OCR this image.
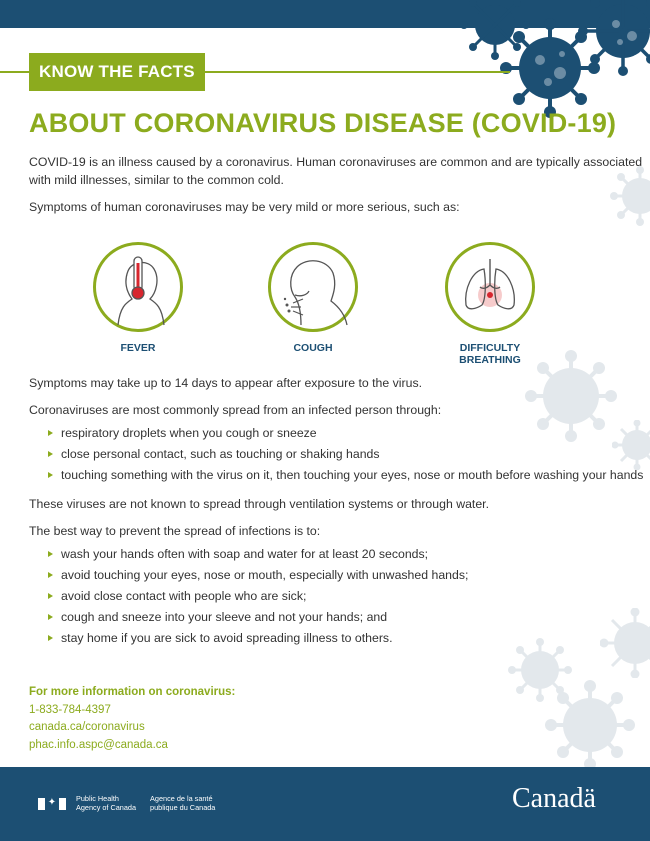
KNOW THE FACTS
ABOUT CORONAVIRUS DISEASE (COVID-19)

COVID-19 is an illness caused by a coronavirus. Human coronaviruses are common and are typically associated

with mild illnesses, similar to the common cold.

Symptoms of human coronaviruses may be very mild or more serious, such as:

FEVER	COUGH	DIFFICULTY BREATHING

Symptoms may take up to 14 days to appear after exposure to the virus.

Coronaviruses are most commonly spread from an infected person through:

respiratory droplets when you cough or sneeze
close personal contact, such as touching or shaking hands
touching something with the virus on it, then touching your eyes, nose or mouth before washing your hands

These viruses are not known to spread through ventilation systems or through water.

The best way to prevent the spread of infections is to:

wash your hands often with soap and water for at least 20 seconds;
avoid touching your eyes, nose or mouth, especially with unwashed hands;
avoid close contact with people who are sick;
cough and sneeze into your sleeve and not your hands; and
stay home if you are sick to avoid spreading illness to others.
For more information on coronavirus:
1-833-784-4397
canada.ca/coronavirus
phac.info.aspc@canada.ca
✦	Public Health
Agency of Canada
Agence de la santé
publique du Canada	Canadä
